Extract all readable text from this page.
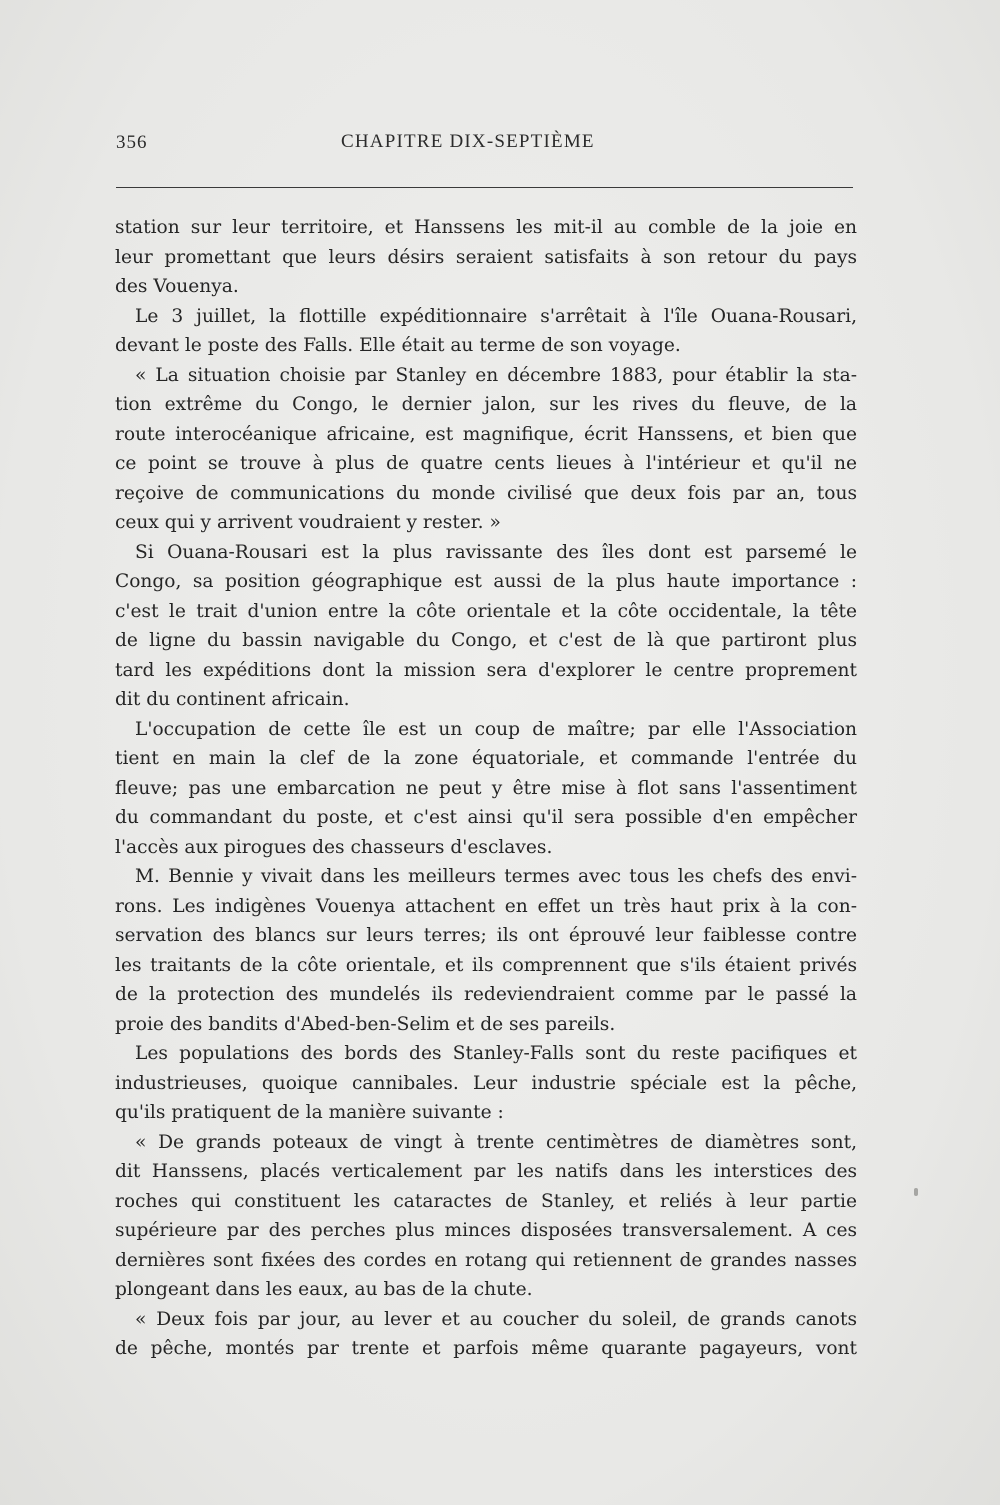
356	CHAPITRE DIX-SEPTIÈME
station sur leur territoire, et Hanssens les mit-il au comble de la joie en
leur promettant que leurs désirs seraient satisfaits à son retour du pays
des Vouenya.
Le 3 juillet, la flottille expéditionnaire s'arrêtait à l'île Ouana-Rousari,
devant le poste des Falls. Elle était au terme de son voyage.
« La situation choisie par Stanley en décembre 1883, pour établir la sta-
tion extrême du Congo, le dernier jalon, sur les rives du fleuve, de la
route interocéanique africaine, est magnifique, écrit Hanssens, et bien que
ce point se trouve à plus de quatre cents lieues à l'intérieur et qu'il ne
reçoive de communications du monde civilisé que deux fois par an, tous
ceux qui y arrivent voudraient y rester. »
Si Ouana-Rousari est la plus ravissante des îles dont est parsemé le
Congo, sa position géographique est aussi de la plus haute importance :
c'est le trait d'union entre la côte orientale et la côte occidentale, la tête
de ligne du bassin navigable du Congo, et c'est de là que partiront plus
tard les expéditions dont la mission sera d'explorer le centre proprement
dit du continent africain.
L'occupation de cette île est un coup de maître; par elle l'Association
tient en main la clef de la zone équatoriale, et commande l'entrée du
fleuve; pas une embarcation ne peut y être mise à flot sans l'assentiment
du commandant du poste, et c'est ainsi qu'il sera possible d'en empêcher
l'accès aux pirogues des chasseurs d'esclaves.
M. Bennie y vivait dans les meilleurs termes avec tous les chefs des envi-
rons. Les indigènes Vouenya attachent en effet un très haut prix à la con-
servation des blancs sur leurs terres; ils ont éprouvé leur faiblesse contre
les traitants de la côte orientale, et ils comprennent que s'ils étaient privés
de la protection des mundelés ils redeviendraient comme par le passé la
proie des bandits d'Abed-ben-Selim et de ses pareils.
Les populations des bords des Stanley-Falls sont du reste pacifiques et
industrieuses, quoique cannibales. Leur industrie spéciale est la pêche,
qu'ils pratiquent de la manière suivante :
« De grands poteaux de vingt à trente centimètres de diamètres sont,
dit Hanssens, placés verticalement par les natifs dans les interstices des
roches qui constituent les cataractes de Stanley, et reliés à leur partie
supérieure par des perches plus minces disposées transversalement. A ces
dernières sont fixées des cordes en rotang qui retiennent de grandes nasses
plongeant dans les eaux, au bas de la chute.
« Deux fois par jour, au lever et au coucher du soleil, de grands canots
de pêche, montés par trente et parfois même quarante pagayeurs, vont
